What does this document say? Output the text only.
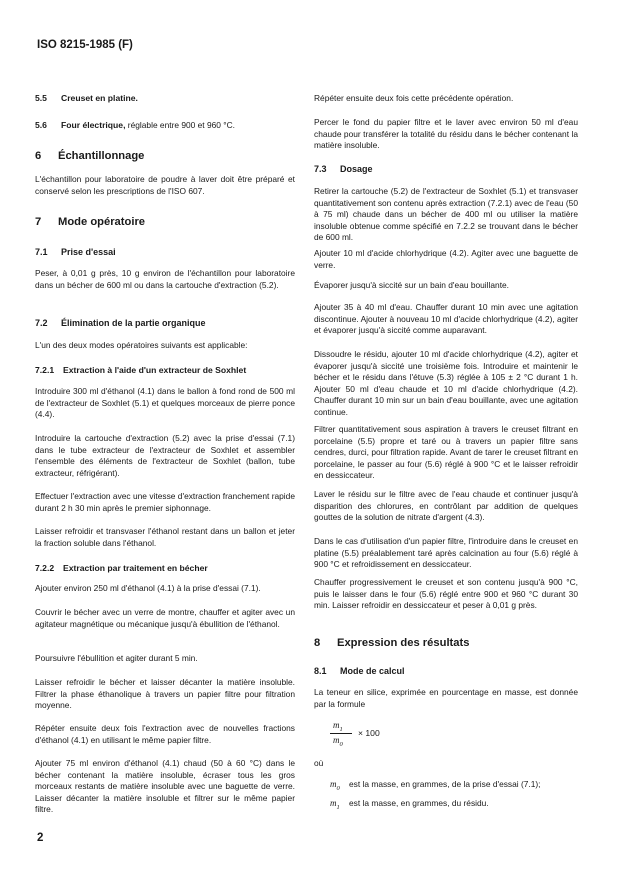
ISO 8215-1985 (F)
5.5 Creuset en platine.
5.6 Four électrique, réglable entre 900 et 960 °C.
6 Échantillonnage

L'échantillon pour laboratoire de poudre à laver doit être préparé et conservé selon les prescriptions de l'ISO 607.

7 Mode opératoire
7.1 Prise d'essai

Peser, à 0,01 g près, 10 g environ de l'échantillon pour laboratoire dans un bécher de 600 ml ou dans la cartouche d'extraction (5.2).

7.2 Élimination de la partie organique

L'un des deux modes opératoires suivants est applicable:

7.2.1 Extraction à l'aide d'un extracteur de Soxhlet

Introduire 300 ml d'éthanol (4.1) dans le ballon à fond rond de 500 ml de l'extracteur de Soxhlet (5.1) et quelques morceaux de pierre ponce (4.4).

Introduire la cartouche d'extraction (5.2) avec la prise d'essai (7.1) dans le tube extracteur de l'extracteur de Soxhlet et assembler l'ensemble des éléments de l'extracteur de Soxhlet (ballon, tube extracteur, réfrigérant).

Effectuer l'extraction avec une vitesse d'extraction franchement rapide durant 2 h 30 min après le premier siphonnage.

Laisser refroidir et transvaser l'éthanol restant dans un ballon et jeter la fraction soluble dans l'éthanol.

7.2.2 Extraction par traitement en bécher

Ajouter environ 250 ml d'éthanol (4.1) à la prise d'essai (7.1).

Couvrir le bécher avec un verre de montre, chauffer et agiter avec un agitateur magnétique ou mécanique jusqu'à ébullition de l'éthanol.

Poursuivre l'ébullition et agiter durant 5 min.

Laisser refroidir le bécher et laisser décanter la matière insoluble. Filtrer la phase éthanolique à travers un papier filtre pour filtration moyenne.

Répéter ensuite deux fois l'extraction avec de nouvelles fractions d'éthanol (4.1) en utilisant le même papier filtre.

Ajouter 75 ml environ d'éthanol (4.1) chaud (50 à 60 °C) dans le bécher contenant la matière insoluble, écraser tous les gros morceaux restants de matière insoluble avec une baguette de verre. Laisser décanter la matière insoluble et filtrer sur le même papier filtre.

Répéter ensuite deux fois cette précédente opération.

Percer le fond du papier filtre et le laver avec environ 50 ml d'eau chaude pour transférer la totalité du résidu dans le bécher contenant la matière insoluble.

7.3 Dosage

Retirer la cartouche (5.2) de l'extracteur de Soxhlet (5.1) et transvaser quantitativement son contenu après extraction (7.2.1) avec de l'eau (50 à 75 ml) chaude dans un bécher de 400 ml ou utiliser la matière insoluble obtenue comme spécifié en 7.2.2 se trouvant dans le bécher de 600 ml.

Ajouter 10 ml d'acide chlorhydrique (4.2). Agiter avec une baguette de verre.

Évaporer jusqu'à siccité sur un bain d'eau bouillante.

Ajouter 35 à 40 ml d'eau. Chauffer durant 10 min avec une agitation discontinue. Ajouter à nouveau 10 ml d'acide chlorhydrique (4.2), agiter et évaporer jusqu'à siccité comme auparavant.

Dissoudre le résidu, ajouter 10 ml d'acide chlorhydrique (4.2), agiter et évaporer jusqu'à siccité une troisième fois. Introduire et maintenir le bécher et le résidu dans l'étuve (5.3) réglée à 105 ± 2 °C durant 1 h. Ajouter 50 ml d'eau chaude et 10 ml d'acide chlorhydrique (4.2). Chauffer durant 10 min sur un bain d'eau bouillante, avec une agitation continue.

Filtrer quantitativement sous aspiration à travers le creuset filtrant en porcelaine (5.5) propre et taré ou à travers un papier filtre sans cendres, durci, pour filtration rapide. Avant de tarer le creuset filtrant en porcelaine, le passer au four (5.6) réglé à 900 °C et le laisser refroidir en dessiccateur.

Laver le résidu sur le filtre avec de l'eau chaude et continuer jusqu'à disparition des chlorures, en contrôlant par addition de quelques gouttes de la solution de nitrate d'argent (4.3).

Dans le cas d'utilisation d'un papier filtre, l'introduire dans le creuset en platine (5.5) préalablement taré après calcination au four (5.6) réglé à 900 °C et refroidissement en dessiccateur.

Chauffer progressivement le creuset et son contenu jusqu'à 900 °C, puis le laisser dans le four (5.6) réglé entre 900 et 960 °C durant 30 min. Laisser refroidir en dessiccateur et peser à 0,01 g près.

8 Expression des résultats
8.1 Mode de calcul

La teneur en silice, exprimée en pourcentage en masse, est donnée par la formule

$m_1$
$m_0$
× 100

où

$m_0$ est la masse, en grammes, de la prise d'essai (7.1);
$m_1$ est la masse, en grammes, du résidu.
2
